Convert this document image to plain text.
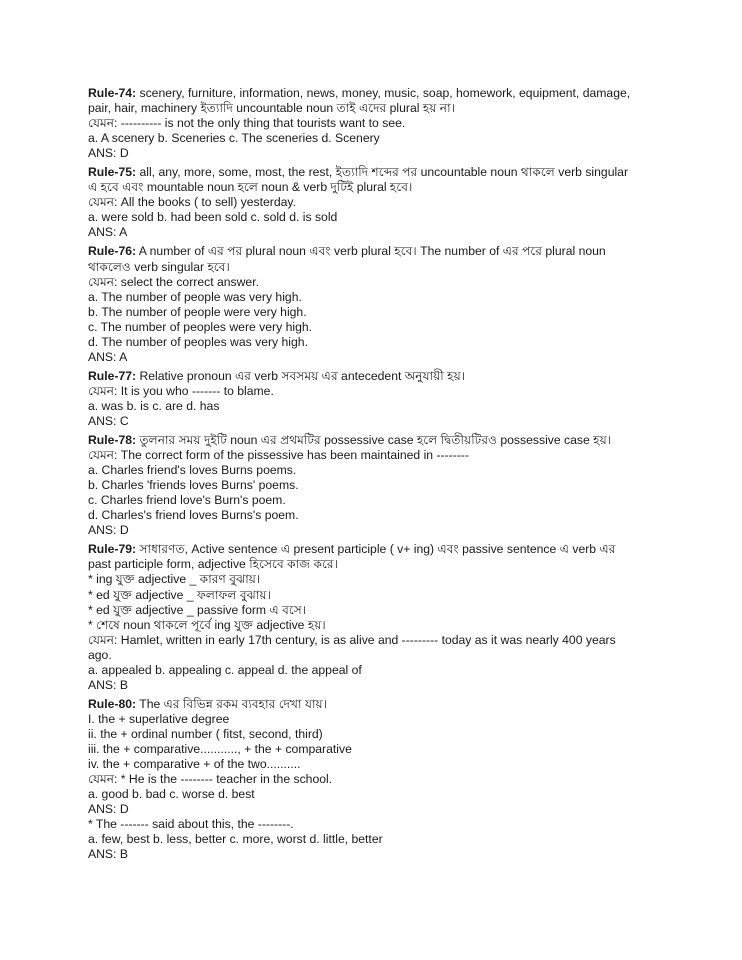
Rule-74: scenery, furniture, information, news, money, music, soap, homework, equipment, damage,
pair, hair, machinery ইত্যাদি uncountable noun তাই এদের plural হয় না।
যেমন: ---------- is not the only thing that tourists want to see.
a. A scenery b. Sceneries c. The sceneries d. Scenery
ANS: D
Rule-75: all, any, more, some, most, the rest, ইত্যাদি শব্দের পর uncountable noun থাকলে verb singular
এ হবে এবং mountable noun হলে noun & verb দুটিই plural হবে।
যেমন: All the books ( to sell) yesterday.
a. were sold b. had been sold c. sold d. is sold
ANS: A
Rule-76: A number of এর পর plural noun এবং verb plural হবে। The number of এর পরে plural noun
থাকলেও verb singular হবে।
যেমন: select the correct answer.
a. The number of people was very high.
b. The number of people were very high.
c. The number of peoples were very high.
d. The number of peoples was very high.
ANS: A
Rule-77: Relative pronoun এর verb সবসময় এর antecedent অনুযায়ী হয়।
যেমন: It is you who ------- to blame.
a. was b. is c. are d. has
ANS: C
Rule-78: তুলনার সময় দুইটি noun এর প্রথমটির possessive case হলে দ্বিতীয়টিরও possessive case হয়।
যেমন: The correct form of the pissessive has been maintained in --------
a. Charles friend's loves Burns poems.
b. Charles 'friends loves Burns' poems.
c. Charles friend love's Burn's poem.
d. Charles's friend loves Burns's poem.
ANS: D
Rule-79: সাধারণত, Active sentence এ present participle ( v+ ing) এবং passive sentence এ verb এর
past participle form, adjective হিসেবে কাজ করে।
* ing যুক্ত adjective _ কারণ বুঝায়।
* ed যুক্ত adjective _ ফলাফল বুঝায়।
* ed যুক্ত adjective _ passive form এ বসে।
* শেষে noun থাকলে পূর্বে ing যুক্ত adjective হয়।
যেমন: Hamlet, written in early 17th century, is as alive and --------- today as it was nearly 400 years
ago.
a. appealed b. appealing c. appeal d. the appeal of
ANS: B
Rule-80: The এর বিভিন্ন রকম ব্যবহার দেখা যায়।
I. the + superlative degree
ii. the + ordinal number ( fitst, second, third)
iii. the + comparative..........., + the + comparative
iv. the + comparative + of the two..........
যেমন: * He is the -------- teacher in the school.
a. good b. bad c. worse d. best
ANS: D
* The ------- said about this, the --------.
a. few, best b. less, better c. more, worst d. little, better
ANS: B
